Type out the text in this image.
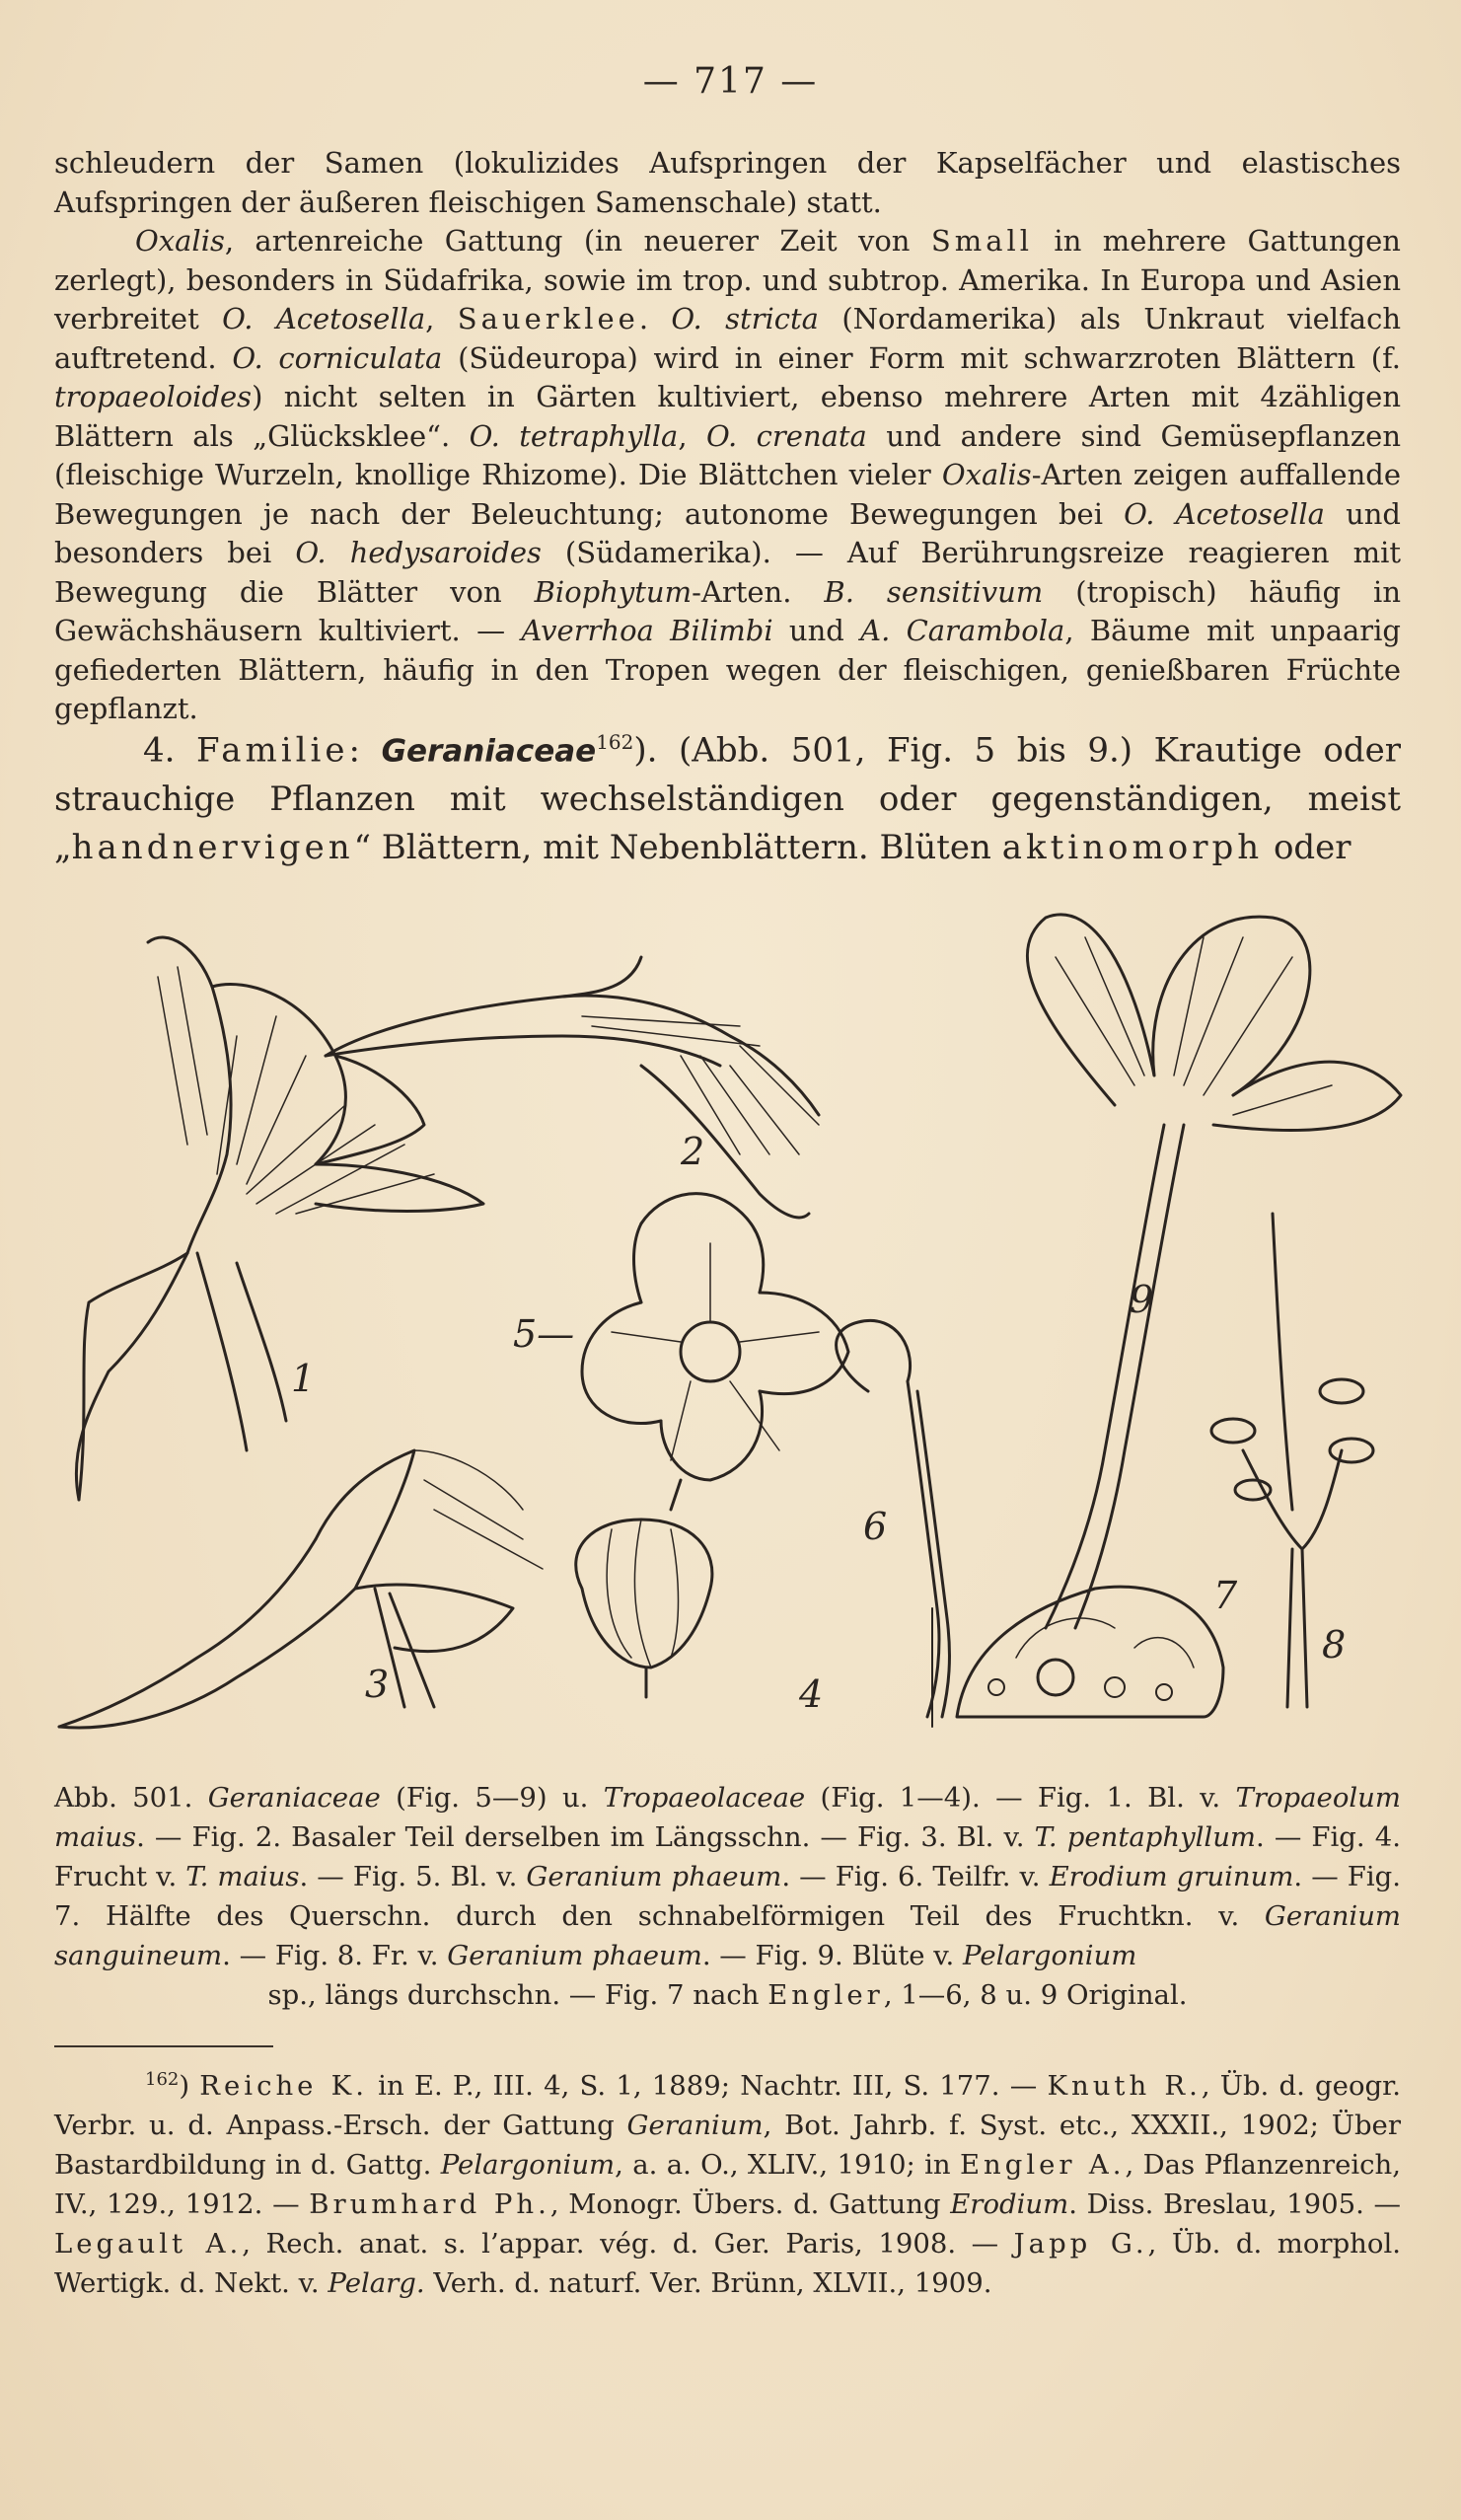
— 717 —

schleudern der Samen (lokulizides Aufspringen der Kapselfächer und elastisches Aufspringen der äußeren fleischigen Samenschale) statt.

Oxalis, artenreiche Gattung (in neuerer Zeit von Small in mehrere Gattungen zerlegt), besonders in Südafrika, sowie im trop. und subtrop. Amerika. In Europa und Asien verbreitet O. Acetosella, Sauerklee. O. stricta (Nordamerika) als Unkraut vielfach auftretend. O. corniculata (Südeuropa) wird in einer Form mit schwarzroten Blättern (f. tropaeoloides) nicht selten in Gärten kultiviert, ebenso mehrere Arten mit 4zähligen Blättern als „Glücksklee“. O. tetraphylla, O. crenata und andere sind Gemüsepflanzen (fleischige Wurzeln, knollige Rhizome). Die Blättchen vieler Oxalis-Arten zeigen auffallende Bewegungen je nach der Beleuchtung; autonome Bewegungen bei O. Acetosella und besonders bei O. hedysaroides (Südamerika). — Auf Berührungsreize reagieren mit Bewegung die Blätter von Biophytum-Arten. B. sensitivum (tropisch) häufig in Gewächshäusern kultiviert. — Averrhoa Bilimbi und A. Carambola, Bäume mit unpaarig gefiederten Blättern, häufig in den Tropen wegen der fleischigen, genießbaren Früchte gepflanzt.

4. Familie: Geraniaceae$^{162}$). (Abb. 501, Fig. 5 bis 9.) Krautige oder strauchige Pflanzen mit wechselständigen oder gegenständigen, meist „handnervigen“ Blättern, mit Nebenblättern. Blüten aktinomorph oder

1
2
3	4
5—
6
7
8
9

Abb. 501. Geraniaceae (Fig. 5—9) u. Tropaeolaceae (Fig. 1—4). — Fig. 1. Bl. v. Tropaeolum maius. — Fig. 2. Basaler Teil derselben im Längsschn. — Fig. 3. Bl. v. T. pentaphyllum. — Fig. 4. Frucht v. T. maius. — Fig. 5. Bl. v. Geranium phaeum. — Fig. 6. Teilfr. v. Erodium gruinum. — Fig. 7. Hälfte des Querschn. durch den schnabelförmigen Teil des Fruchtkn. v. Geranium sanguineum. — Fig. 8. Fr. v. Geranium phaeum. — Fig. 9. Blüte v. Pelargonium

sp., längs durchschn. — Fig. 7 nach Engler, 1—6, 8 u. 9 Original.

$^{162}$) Reiche K. in E. P., III. 4, S. 1, 1889; Nachtr. III, S. 177. — Knuth R., Üb. d. geogr. Verbr. u. d. Anpass.-Ersch. der Gattung Geranium, Bot. Jahrb. f. Syst. etc., XXXII., 1902; Über Bastardbildung in d. Gattg. Pelargonium, a. a. O., XLIV., 1910; in Engler A., Das Pflanzenreich, IV., 129., 1912. — Brumhard Ph., Monogr. Übers. d. Gattung Erodium. Diss. Breslau, 1905. — Legault A., Rech. anat. s. l’appar. vég. d. Ger. Paris, 1908. — Japp G., Üb. d. morphol. Wertigk. d. Nekt. v. Pelarg. Verh. d. naturf. Ver. Brünn, XLVII., 1909.
